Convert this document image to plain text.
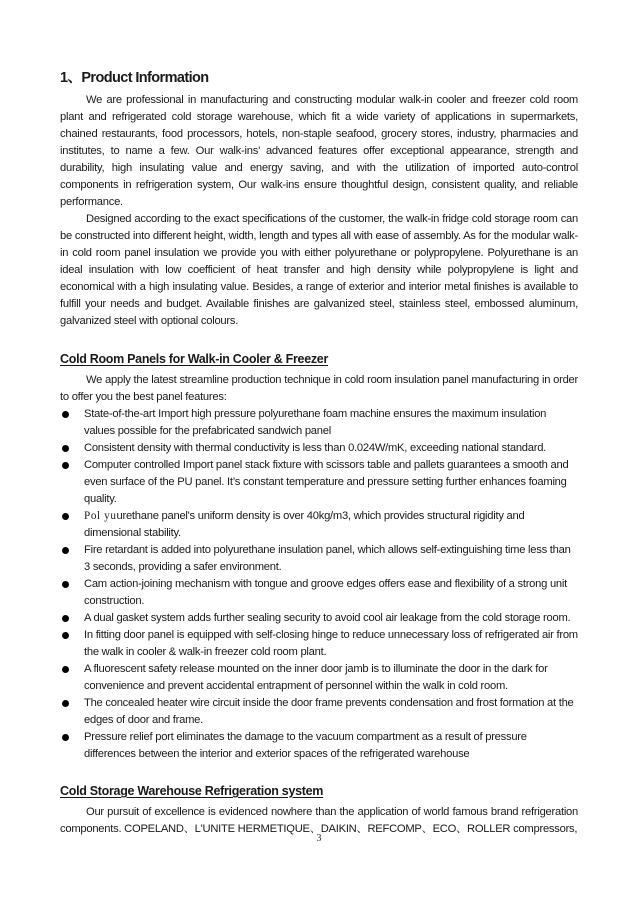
1、Product Information

We are professional in manufacturing and constructing modular walk-in cooler and freezer cold room plant and refrigerated cold storage warehouse, which fit a wide variety of applications in supermarkets, chained restaurants, food processors, hotels, non-staple seafood, grocery stores, industry, pharmacies and institutes, to name a few. Our walk-ins’ advanced features offer exceptional appearance, strength and durability, high insulating value and energy saving, and with the utilization of imported auto-control components in refrigeration system, Our walk-ins ensure thoughtful design, consistent quality, and reliable performance.

Designed according to the exact specifications of the customer, the walk-in fridge cold storage room can be constructed into different height, width, length and types all with ease of assembly. As for the modular walk-in cold room panel insulation we provide you with either polyurethane or polypropylene. Polyurethane is an ideal insulation with low coefficient of heat transfer and high density while polypropylene is light and economical with a high insulating value. Besides, a range of exterior and interior metal finishes is available to fulfill your needs and budget. Available finishes are galvanized steel, stainless steel, embossed aluminum, galvanized steel with optional colours.

Cold Room Panels for Walk-in Cooler & Freezer

We apply the latest streamline production technique in cold room insulation panel manufacturing in order to offer you the best panel features:

State-of-the-art Import high pressure polyurethane foam machine ensures the maximum insulation values possible for the prefabricated sandwich panel
Consistent density with thermal conductivity is less than 0.024W/mK, exceeding national standard.
Computer controlled Import panel stack fixture with scissors table and pallets guarantees a smooth and even surface of the PU panel. It’s constant temperature and pressure setting further enhances foaming quality.
Pol yuurethane panel's uniform density is over 40kg/m3, which provides structural rigidity and dimensional stability.
Fire retardant is added into polyurethane insulation panel, which allows self-extinguishing time less than 3 seconds, providing a safer environment.
Cam action-joining mechanism with tongue and groove edges offers ease and flexibility of a strong unit construction.
A dual gasket system adds further sealing security to avoid cool air leakage from the cold storage room.
In fitting door panel is equipped with self-closing hinge to reduce unnecessary loss of refrigerated air from the walk in cooler & walk-in freezer cold room plant.
A fluorescent safety release mounted on the inner door jamb is to illuminate the door in the dark for convenience and prevent accidental entrapment of personnel within the walk in cold room.
The concealed heater wire circuit inside the door frame prevents condensation and frost formation at the edges of door and frame.
Pressure relief port eliminates the damage to the vacuum compartment as a result of pressure differences between the interior and exterior spaces of the refrigerated warehouse
Cold Storage Warehouse Refrigeration system

Our pursuit of excellence is evidenced nowhere than the application of world famous brand refrigeration components. COPELAND、L'UNITE HERMETIQUE、DAIKIN、REFCOMP、ECO、ROLLER compressors,

3
